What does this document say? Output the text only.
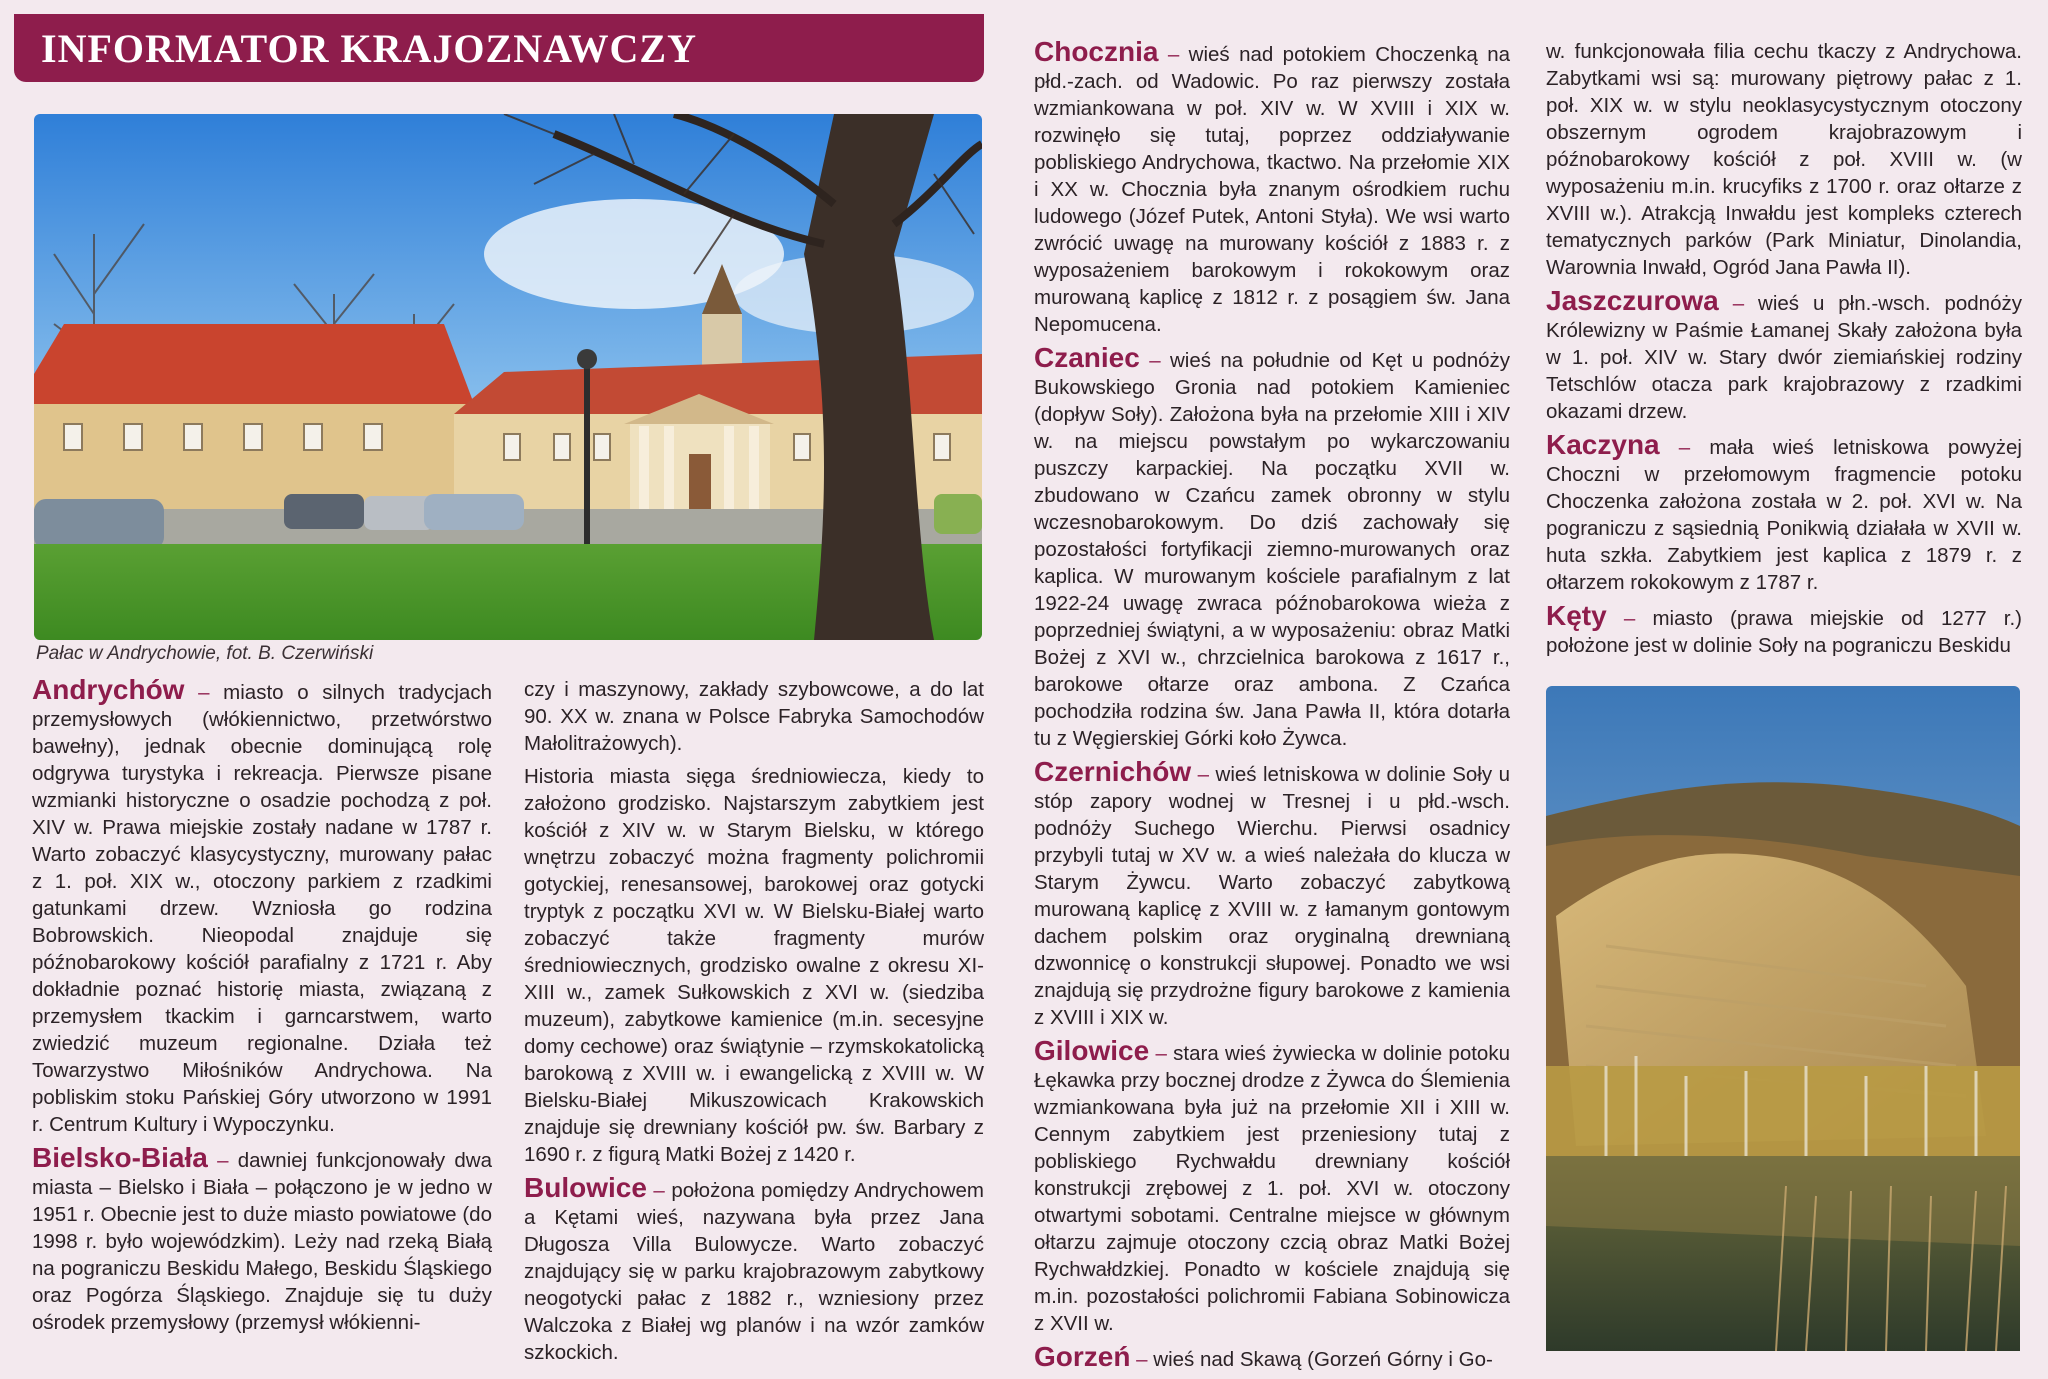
INFORMATOR KRAJOZNAWCZY
Pałac w Andrychowie, fot. B. Czerwiński

Andrychów – miasto o silnych tradycjach przemysłowych (włókiennictwo, przetwórstwo bawełny), jednak obecnie dominującą rolę odgrywa turystyka i rekreacja. Pierwsze pisane wzmianki historyczne o osadzie pochodzą z poł. XIV w. Prawa miejskie zostały nadane w 1787 r. Warto zobaczyć klasycystyczny, murowany pałac z 1. poł. XIX w., otoczony parkiem z rzadkimi gatunkami drzew. Wzniosła go rodzina Bobrowskich. Nieopodal znajduje się późnobarokowy kościół parafialny z 1721 r. Aby dokładnie poznać historię miasta, związaną z przemysłem tkackim i garncarstwem, warto zwiedzić muzeum regionalne. Działa też Towarzystwo Miłośników Andrychowa. Na pobliskim stoku Pańskiej Góry utworzono w 1991 r. Centrum Kultury i Wypoczynku.

Bielsko-Biała – dawniej funkcjonowały dwa miasta – Bielsko i Biała – połączono je w jedno w 1951 r. Obecnie jest to duże miasto powiatowe (do 1998 r. było wojewódzkim). Leży nad rzeką Białą na pograniczu Beskidu Małego, Beskidu Śląskiego oraz Pogórza Śląskiego. Znajduje się tu duży ośrodek przemysłowy (przemysł włókienni-

czy i maszynowy, zakłady szybowcowe, a do lat 90. XX w. znana w Polsce Fabryka Samochodów Małolitrażowych).

Historia miasta sięga średniowiecza, kiedy to założono grodzisko. Najstarszym zabytkiem jest kościół z XIV w. w Starym Bielsku, w którego wnętrzu zobaczyć można fragmenty polichromii gotyckiej, renesansowej, barokowej oraz gotycki tryptyk z początku XVI w. W Bielsku-Białej warto zobaczyć także fragmenty murów średniowiecznych, grodzisko owalne z okresu XI-XIII w., zamek Sułkowskich z XVI w. (siedziba muzeum), zabytkowe kamienice (m.in. secesyjne domy cechowe) oraz świątynie – rzymskokatolicką barokową z XVIII w. i ewangelicką z XVIII w. W Bielsku-Białej Mikuszowicach Krakowskich znajduje się drewniany kościół pw. św. Barbary z 1690 r. z figurą Matki Bożej z 1420 r.

Bulowice – położona pomiędzy Andrychowem a Kętami wieś, nazywana była przez Jana Długosza Villa Bulowycze. Warto zobaczyć znajdujący się w parku krajobrazowym zabytkowy neogotycki pałac z 1882 r., wzniesiony przez Walczoka z Białej wg planów i na wzór zamków szkockich.

Chocznia – wieś nad potokiem Choczenką na płd.-zach. od Wadowic. Po raz pierwszy została wzmiankowana w poł. XIV w. W XVIII i XIX w. rozwinęło się tutaj, poprzez oddziaływanie pobliskiego Andrychowa, tkactwo. Na przełomie XIX i XX w. Chocznia była znanym ośrodkiem ruchu ludowego (Józef Putek, Antoni Styła). We wsi warto zwrócić uwagę na murowany kościół z 1883 r. z wyposażeniem barokowym i rokokowym oraz murowaną kaplicę z 1812 r. z posągiem św. Jana Nepomucena.

Czaniec – wieś na południe od Kęt u podnóży Bukowskiego Gronia nad potokiem Kamieniec (dopływ Soły). Założona była na przełomie XIII i XIV w. na miejscu powstałym po wykarczowaniu puszczy karpackiej. Na początku XVII w. zbudowano w Czańcu zamek obronny w stylu wczesnobarokowym. Do dziś zachowały się pozostałości fortyfikacji ziemno-murowanych oraz kaplica. W murowanym kościele parafialnym z lat 1922-24 uwagę zwraca późnobarokowa wieża z poprzedniej świątyni, a w wyposażeniu: obraz Matki Bożej z XVI w., chrzcielnica barokowa z 1617 r., barokowe ołtarze oraz ambona. Z Czańca pochodziła rodzina św. Jana Pawła II, która dotarła tu z Węgierskiej Górki koło Żywca.

Czernichów – wieś letniskowa w dolinie Soły u stóp zapory wodnej w Tresnej i u płd.-wsch. podnóży Suchego Wierchu. Pierwsi osadnicy przybyli tutaj w XV w. a wieś należała do klucza w Starym Żywcu. Warto zobaczyć zabytkową murowaną kaplicę z XVIII w. z łamanym gontowym dachem polskim oraz oryginalną drewnianą dzwonnicę o konstrukcji słupowej. Ponadto we wsi znajdują się przydrożne figury barokowe z kamienia z XVIII i XIX w.

Gilowice – stara wieś żywiecka w dolinie potoku Łękawka przy bocznej drodze z Żywca do Ślemienia wzmiankowana była już na przełomie XII i XIII w. Cennym zabytkiem jest przeniesiony tutaj z pobliskiego Rychwałdu drewniany kościół konstrukcji zrębowej z 1. poł. XVI w. otoczony otwartymi sobotami. Centralne miejsce w głównym ołtarzu zajmuje otoczony czcią obraz Matki Bożej Rychwałdzkiej. Ponadto w kościele znajdują się m.in. pozostałości polichromii Fabiana Sobinowicza z XVII w.

Gorzeń – wieś nad Skawą (Gorzeń Górny i Go-

w. funkcjonowała filia cechu tkaczy z Andrychowa. Zabytkami wsi są: murowany piętrowy pałac z 1. poł. XIX w. w stylu neoklasycystycznym otoczony obszernym ogrodem krajobrazowym i późnobarokowy kościół z poł. XVIII w. (w wyposażeniu m.in. krucyfiks z 1700 r. oraz ołtarze z XVIII w.). Atrakcją Inwałdu jest kompleks czterech tematycznych parków (Park Miniatur, Dinolandia, Warownia Inwałd, Ogród Jana Pawła II).

Jaszczurowa – wieś u płn.-wsch. podnóży Królewizny w Paśmie Łamanej Skały założona była w 1. poł. XIV w. Stary dwór ziemiańskiej rodziny Tetschlów otacza park krajobrazowy z rzadkimi okazami drzew.

Kaczyna – mała wieś letniskowa powyżej Choczni w przełomowym fragmencie potoku Choczenka założona została w 2. poł. XVI w. Na pograniczu z sąsiednią Ponikwią działała w XVII w. huta szkła. Zabytkiem jest kaplica z 1879 r. z ołtarzem rokokowym z 1787 r.

Kęty – miasto (prawa miejskie od 1277 r.) położone jest w dolinie Soły na pograniczu Beskidu
